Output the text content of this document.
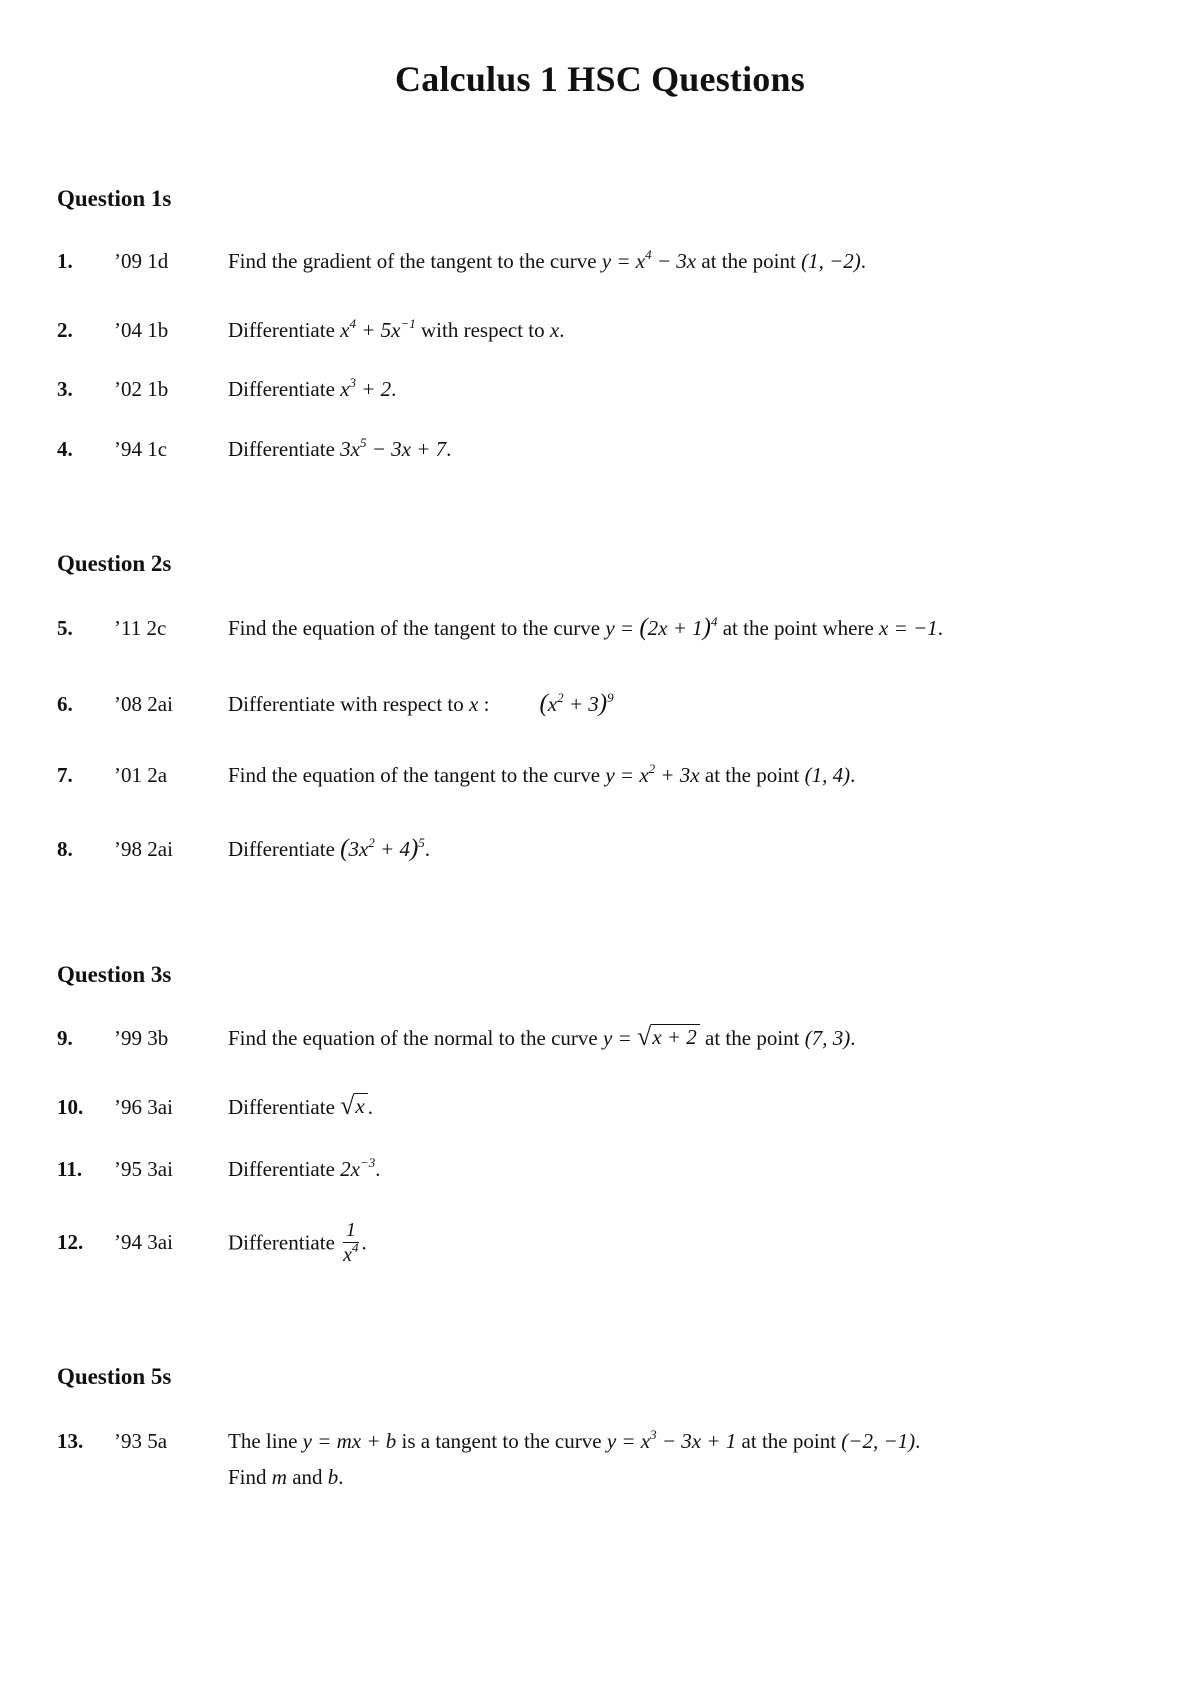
Calculus 1 HSC Questions
Question 1s
1. ’09 1d	Find the gradient of the tangent to the curve $y = x^4 - 3x$ at the point (1, −2).
2. ’04 1b	Differentiate $x^4 + 5x^{-1}$ with respect to x.
3. ’02 1b	Differentiate $x^3 + 2$.
4. ’94 1c	Differentiate $3x^5 - 3x + 7$.
Question 2s
5. ’11 2c	Find the equation of the tangent to the curve $y = (2x + 1)^4$ at the point where x = −1.
6. ’08 2ai	Differentiate with respect to x : $(x^2 + 3)^9$
7. ’01 2a	Find the equation of the tangent to the curve $y = x^2 + 3x$ at the point (1, 4).
8. ’98 2ai	Differentiate $(3x^2 + 4)^5$.
Question 3s
9. ’99 3b	Find the equation of the normal to the curve y = √ x + 2 at the point (7, 3).
10. ’96 3ai	Differentiate √ x .
11. ’95 3ai	Differentiate $2x^{-3}$.
12. ’94 3ai	Differentiate $\frac{1}{x^4}$ .
Question 5s
13. ’93 5a	The line y = mx + b is a tangent to the curve $y = x^3 - 3x + 1$ at the point (−2, −1).
Find m and b.
